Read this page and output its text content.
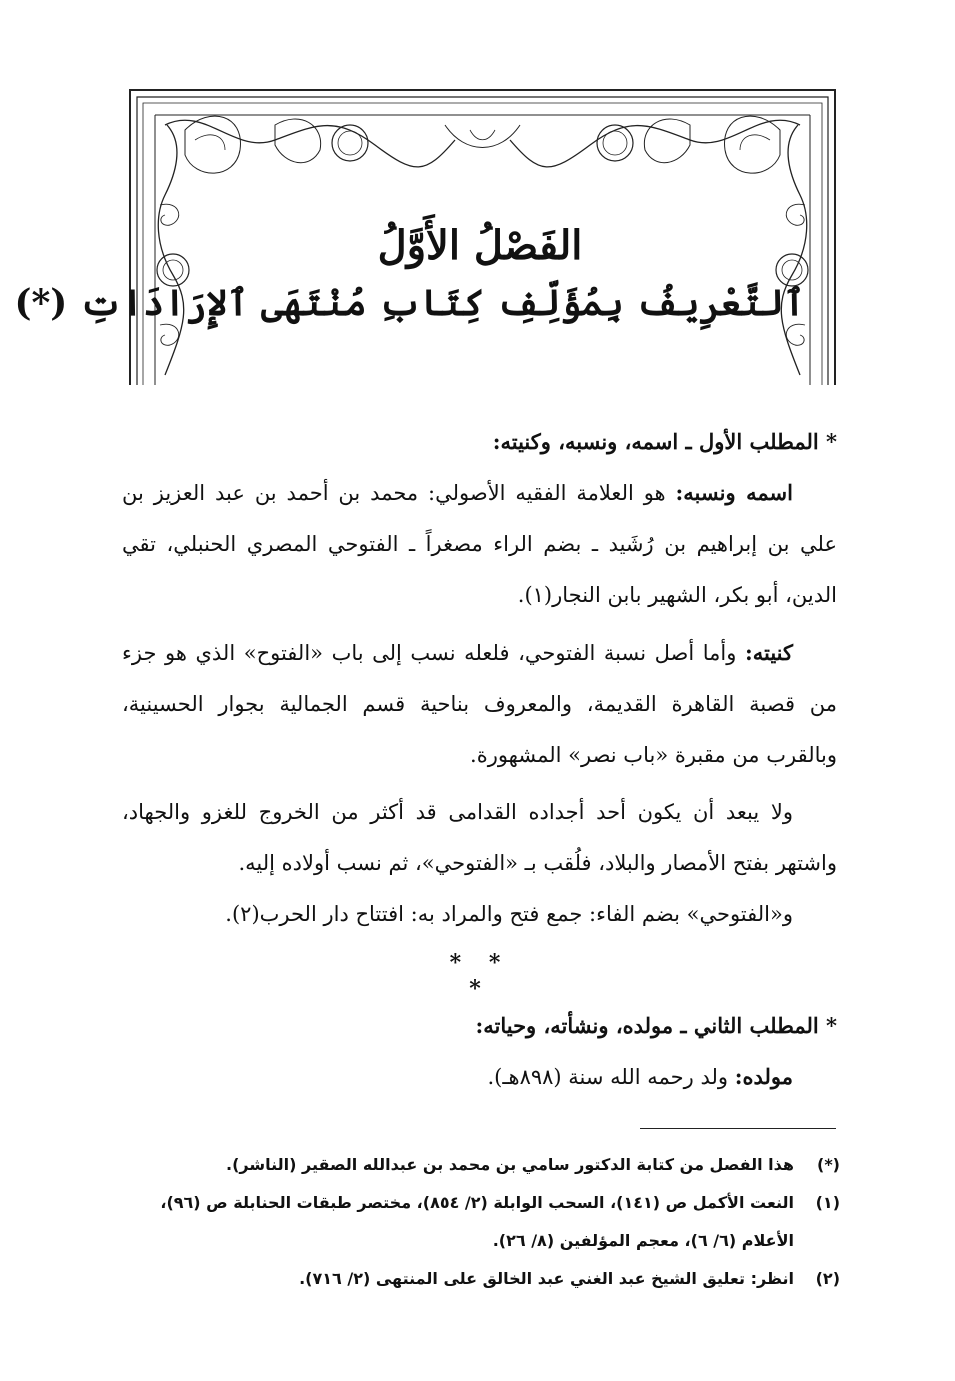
الفَصْلُ الأَوَّلُ
ٱلتَّعْرِيفُ بِمُؤَلِّفِ كِتَابِ مُنْتَهَى ٱلإِرَادَاتِ (*)

* المطلب الأول ـ اسمه، ونسبه، وكنيته:

اسمه ونسبه: هو العلامة الفقيه الأصولي: محمد بن أحمد بن عبد العزيز بن علي بن إبراهيم بن رُشَيد ـ بضم الراء مصغراً ـ الفتوحي المصري الحنبلي، تقي الدين، أبو بكر، الشهير بابن النجار(١).

كنيته: وأما أصل نسبة الفتوحي، فلعله نسب إلى باب «الفتوح» الذي هو جزء من قصبة القاهرة القديمة، والمعروف بناحية قسم الجمالية بجوار الحسينية، وبالقرب من مقبرة «باب نصر» المشهورة.

ولا يبعد أن يكون أحد أجداده القدامى قد أكثر من الخروج للغزو والجهاد، واشتهر بفتح الأمصار والبلاد، فلُقب بـ «الفتوحي»، ثم نسب أولاده إليه.

و«الفتوحي» بضم الفاء: جمع فتح والمراد به: افتتاح دار الحرب(٢).

* * *

* المطلب الثاني ـ مولده، ونشأته، وحياته:

مولده: ولد رحمه الله سنة (٨٩٨هـ).

(*)
هذا الفصل من كتابة الدكتور سامي بن محمد بن عبدالله الصقير (الناشر).
(١)
النعت الأكمل ص (١٤١)، السحب الوابلة (٢/ ٨٥٤)، مختصر طبقات الحنابلة ص (٩٦)، الأعلام (٦/ ٦)، معجم المؤلفين (٨/ ٢٦).
(٢)
انظر: تعليق الشيخ عبد الغني عبد الخالق على المنتهى (٢/ ٧١٦).
